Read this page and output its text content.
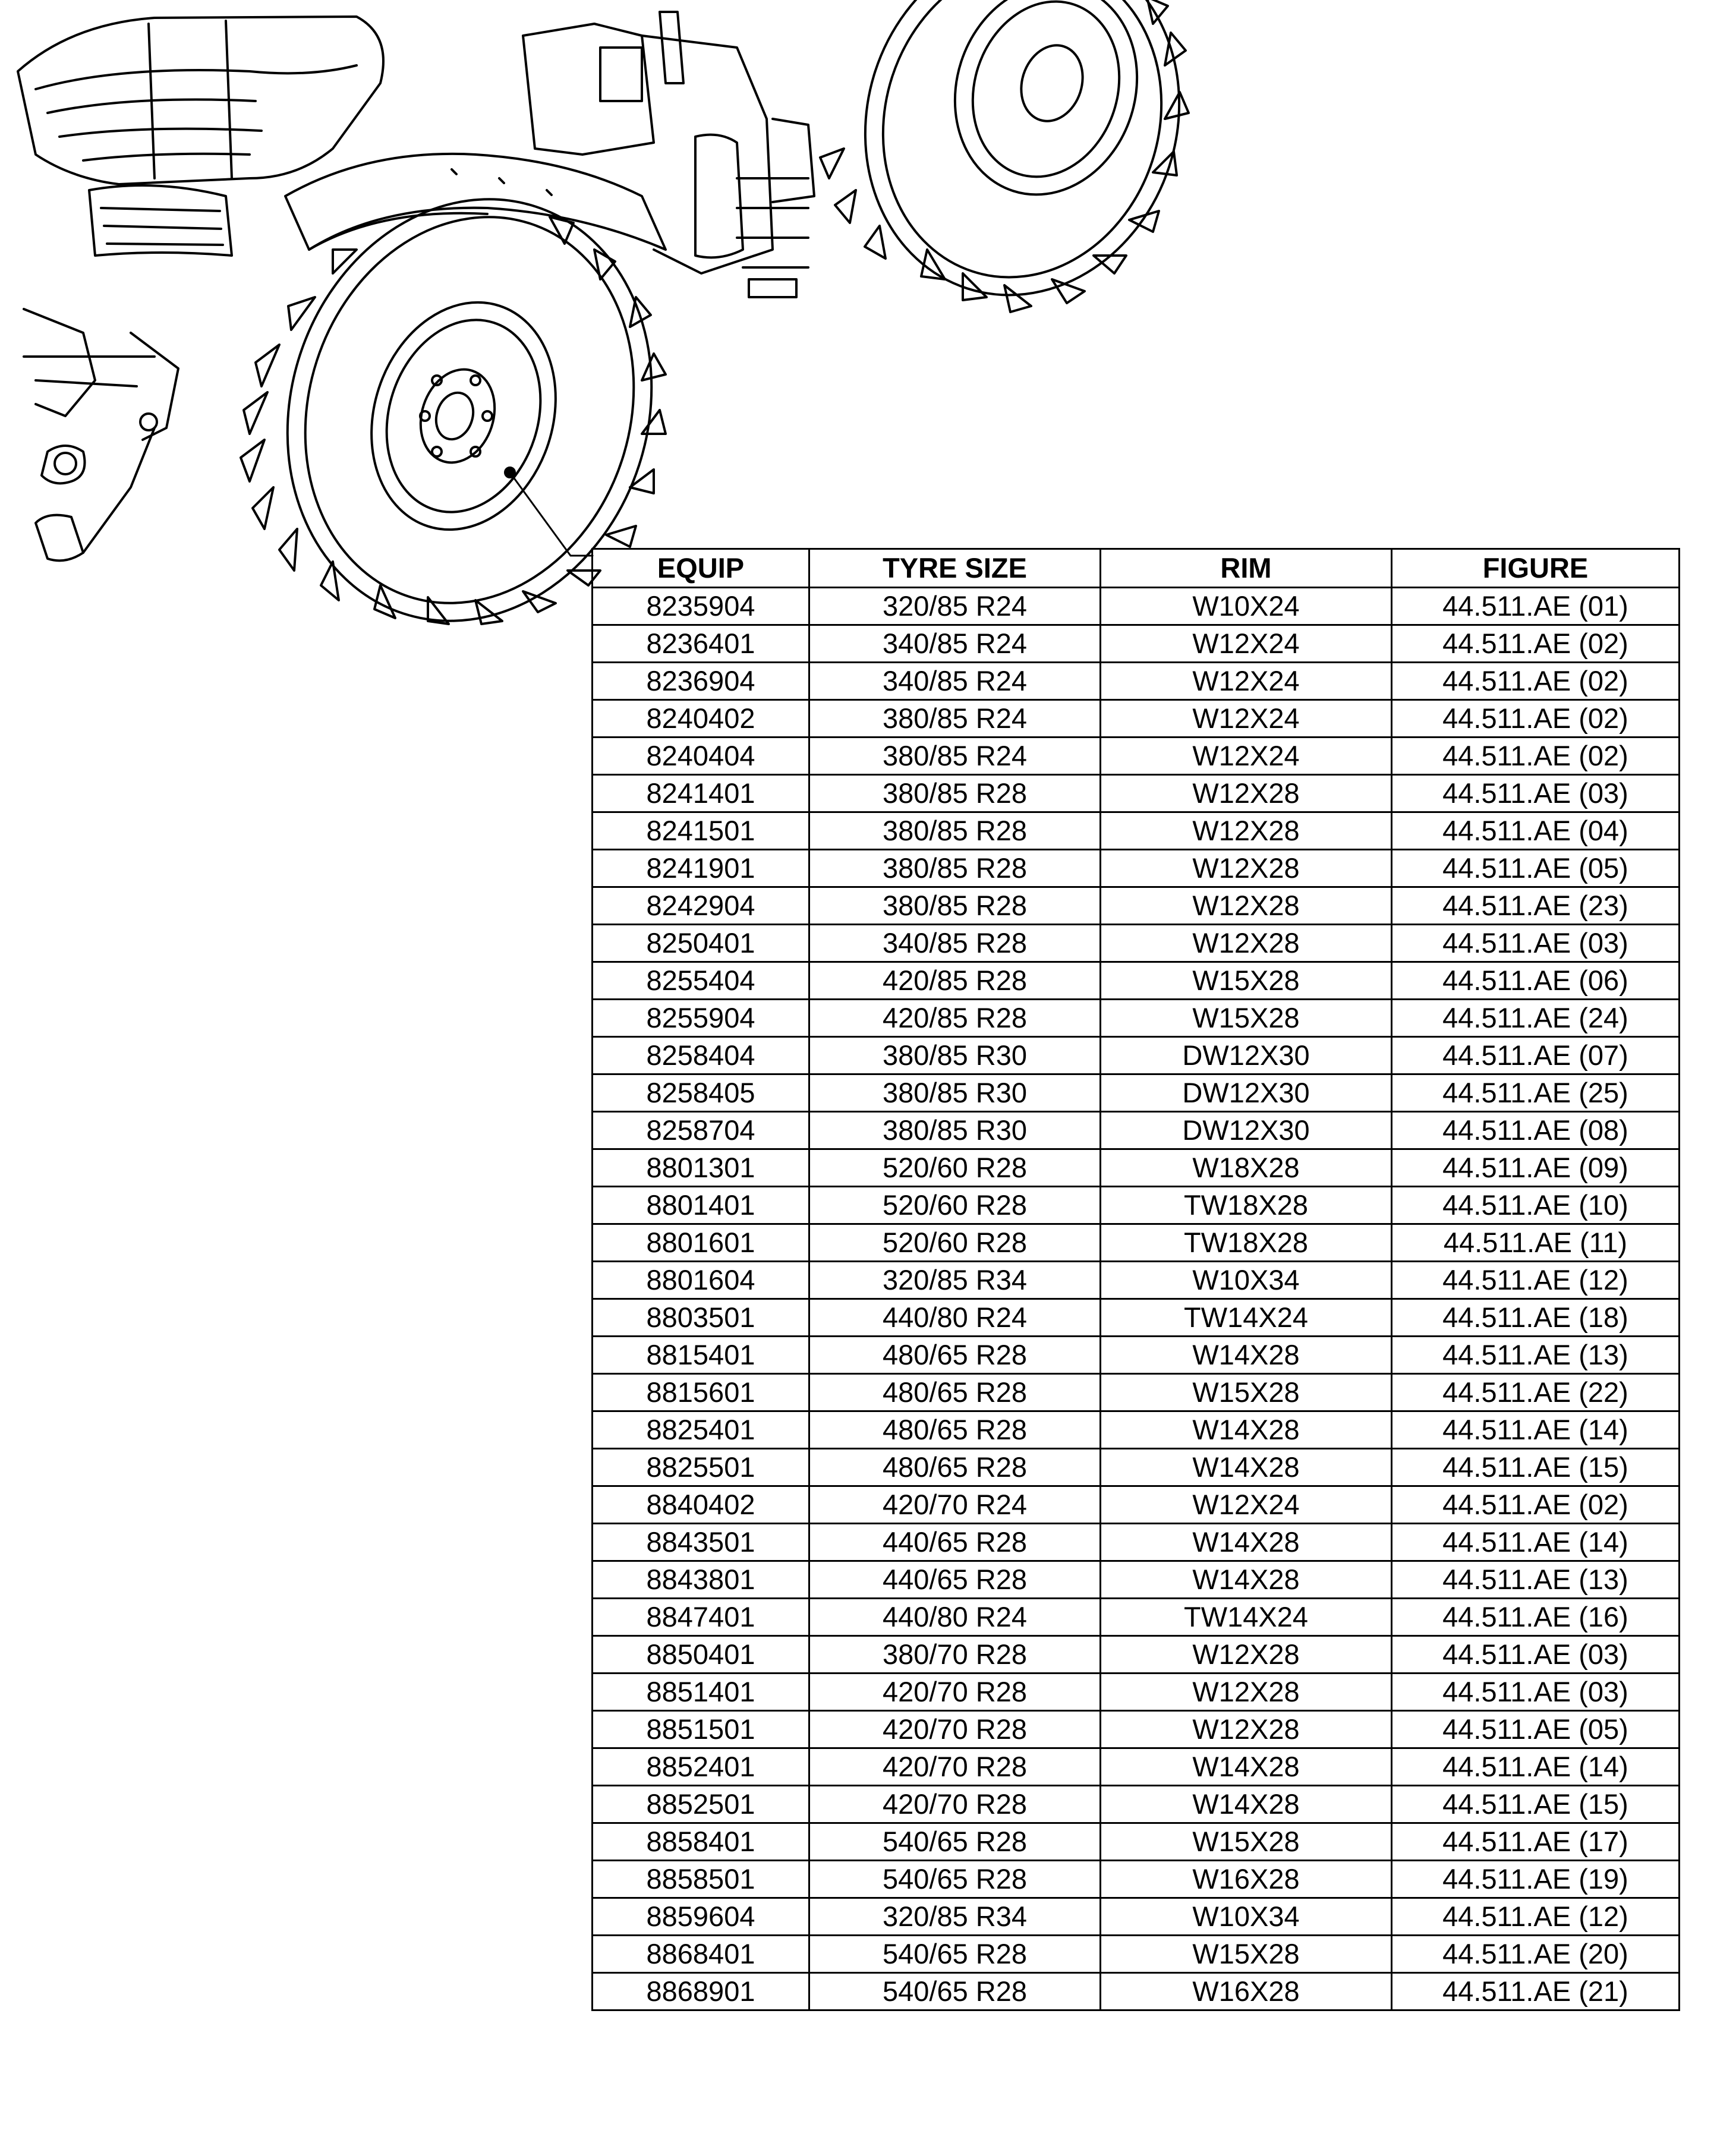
EQUIP	TYRE SIZE	RIM	FIGURE
8235904	320/85 R24	W10X24	44.511.AE (01)
8236401	340/85 R24	W12X24	44.511.AE (02)
8236904	340/85 R24	W12X24	44.511.AE (02)
8240402	380/85 R24	W12X24	44.511.AE (02)
8240404	380/85 R24	W12X24	44.511.AE (02)
8241401	380/85 R28	W12X28	44.511.AE (03)
8241501	380/85 R28	W12X28	44.511.AE (04)
8241901	380/85 R28	W12X28	44.511.AE (05)
8242904	380/85 R28	W12X28	44.511.AE (23)
8250401	340/85 R28	W12X28	44.511.AE (03)
8255404	420/85 R28	W15X28	44.511.AE (06)
8255904	420/85 R28	W15X28	44.511.AE (24)
8258404	380/85 R30	DW12X30	44.511.AE (07)
8258405	380/85 R30	DW12X30	44.511.AE (25)
8258704	380/85 R30	DW12X30	44.511.AE (08)
8801301	520/60 R28	W18X28	44.511.AE (09)
8801401	520/60 R28	TW18X28	44.511.AE (10)
8801601	520/60 R28	TW18X28	44.511.AE (11)
8801604	320/85 R34	W10X34	44.511.AE (12)
8803501	440/80 R24	TW14X24	44.511.AE (18)
8815401	480/65 R28	W14X28	44.511.AE (13)
8815601	480/65 R28	W15X28	44.511.AE (22)
8825401	480/65 R28	W14X28	44.511.AE (14)
8825501	480/65 R28	W14X28	44.511.AE (15)
8840402	420/70 R24	W12X24	44.511.AE (02)
8843501	440/65 R28	W14X28	44.511.AE (14)
8843801	440/65 R28	W14X28	44.511.AE (13)
8847401	440/80 R24	TW14X24	44.511.AE (16)
8850401	380/70 R28	W12X28	44.511.AE (03)
8851401	420/70 R28	W12X28	44.511.AE (03)
8851501	420/70 R28	W12X28	44.511.AE (05)
8852401	420/70 R28	W14X28	44.511.AE (14)
8852501	420/70 R28	W14X28	44.511.AE (15)
8858401	540/65 R28	W15X28	44.511.AE (17)
8858501	540/65 R28	W16X28	44.511.AE (19)
8859604	320/85 R34	W10X34	44.511.AE (12)
8868401	540/65 R28	W15X28	44.511.AE (20)
8868901	540/65 R28	W16X28	44.511.AE (21)
